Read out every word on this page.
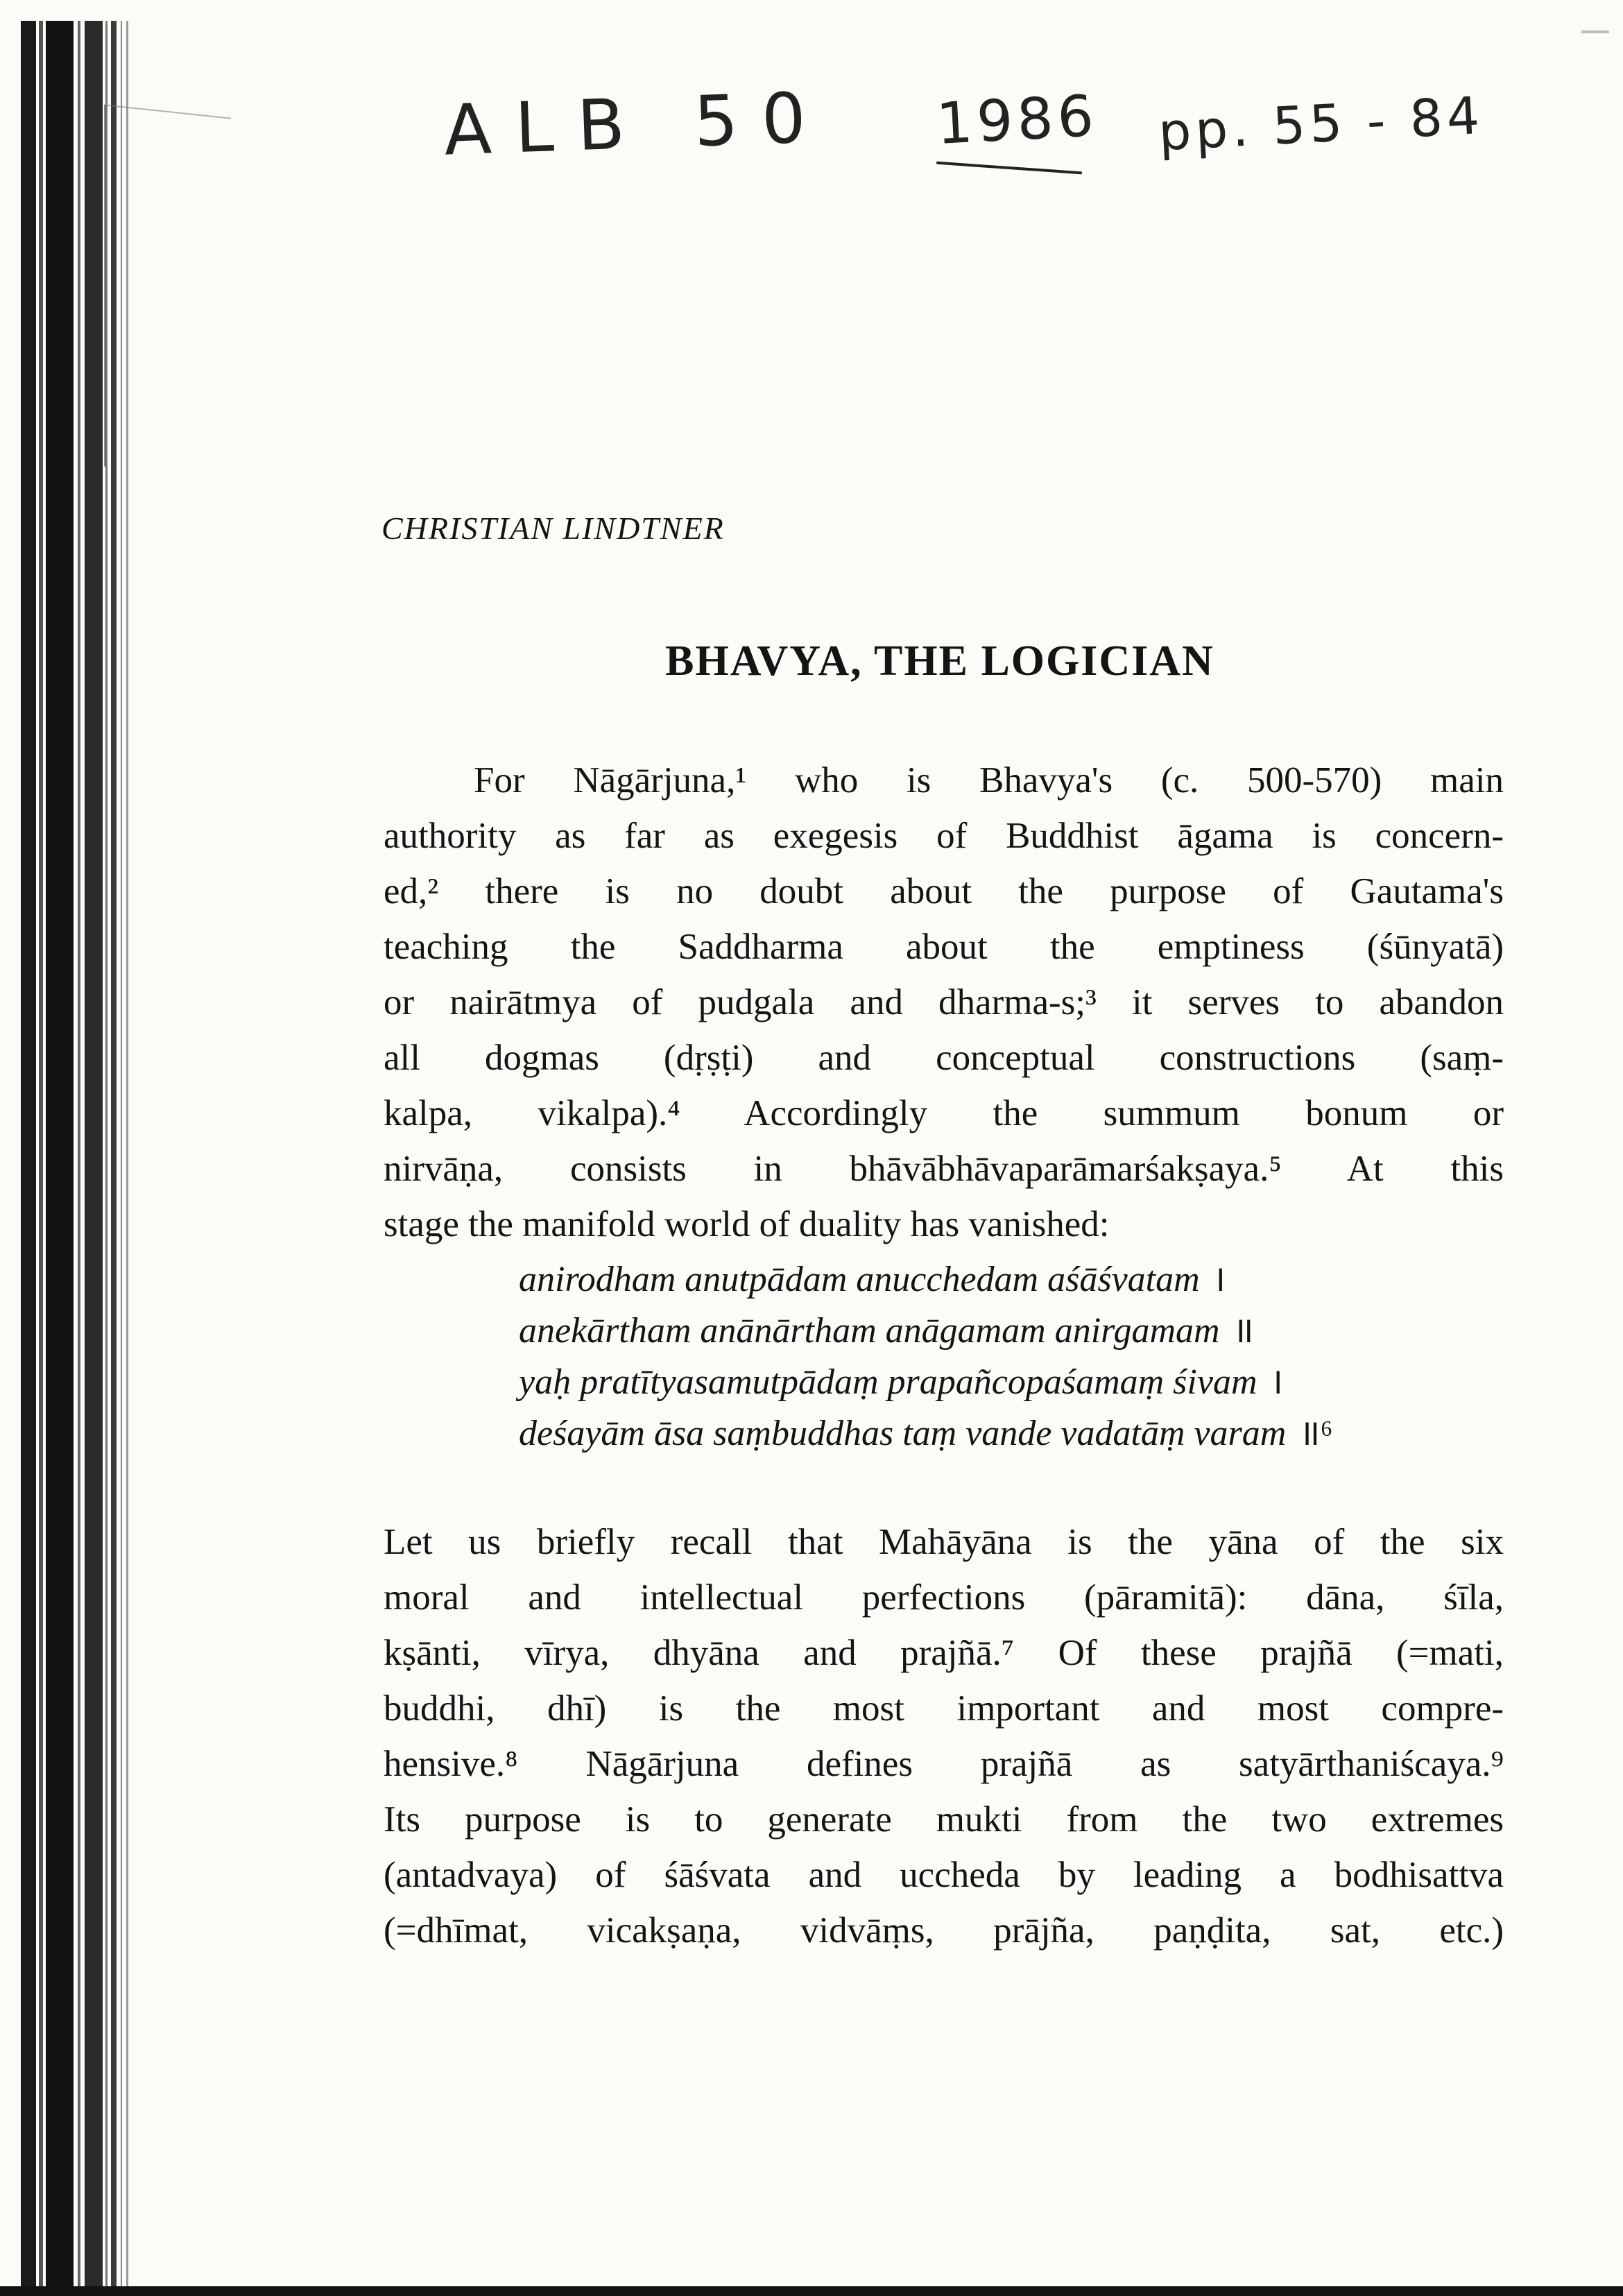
ALB 50 1986 pp. 55 - 84
CHRISTIAN LINDTNER
BHAVYA, THE LOGICIAN
For Nāgārjuna,¹ who is Bhavya's (c. 500-570) main
authority as far as exegesis of Buddhist āgama is concern-
ed,² there is no doubt about the purpose of Gautama's
teaching the Saddharma about the emptiness (śūnyatā)
or nairātmya of pudgala and dharma-s;³ it serves to abandon
all dogmas (dṛṣṭi) and conceptual constructions (saṃ-
kalpa, vikalpa).⁴ Accordingly the summum bonum or
nirvāṇa, consists in bhāvābhāvaparāmarśakṣaya.⁵ At this
stage the manifold world of duality has vanished:
anirodham anutpādam anucchedam aśāśvatam ।
anekārtham anānārtham anāgamam anirgamam ॥
yaḥ pratītyasamutpādaṃ prapañcopaśamaṃ śivam ।
deśayām āsa saṃbuddhas taṃ vande vadatāṃ varam ॥⁶
Let us briefly recall that Mahāyāna is the yāna of the six
moral and intellectual perfections (pāramitā): dāna, śīla,
kṣānti, vīrya, dhyāna and prajñā.⁷ Of these prajñā (=mati,
buddhi, dhī) is the most important and most compre-
hensive.⁸ Nāgārjuna defines prajñā as satyārthaniścaya.⁹
Its purpose is to generate mukti from the two extremes
(antadvaya) of śāśvata and uccheda by leading a bodhisattva
(=dhīmat, vicakṣaṇa, vidvāṃs, prājña, paṇḍita, sat, etc.)
